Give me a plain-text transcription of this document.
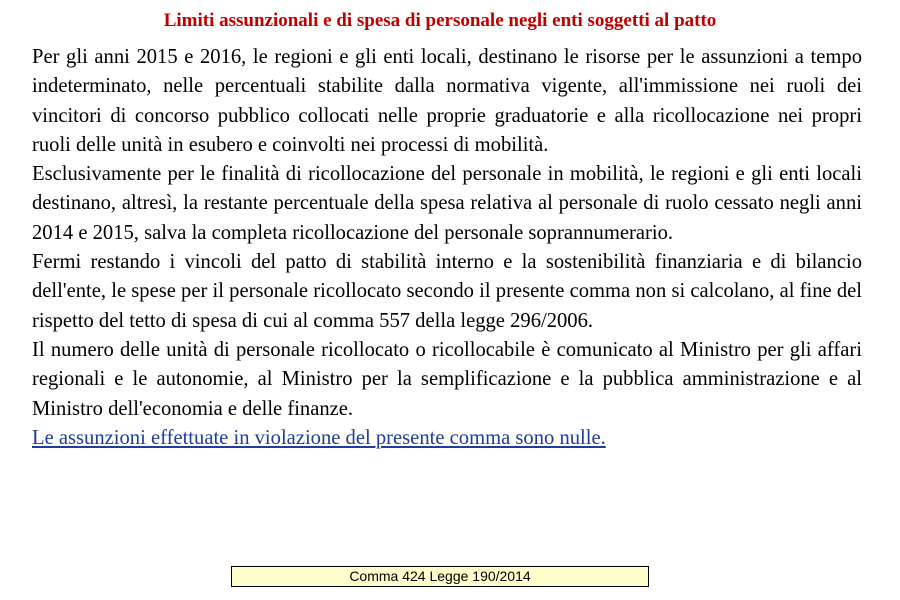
Limiti assunzionali e di spesa di personale negli enti soggetti al patto

Per gli anni 2015 e 2016, le regioni e gli enti locali, destinano le risorse per le assunzioni a tempo indeterminato, nelle percentuali stabilite dalla normativa vigente, all'immissione nei ruoli dei vincitori di concorso pubblico collocati nelle proprie graduatorie e alla ricollocazione nei propri ruoli delle unità in esubero e coinvolti nei processi di mobilità.

Esclusivamente per le finalità di ricollocazione del personale in mobilità, le regioni e gli enti locali destinano, altresì, la restante percentuale della spesa relativa al personale di ruolo cessato negli anni 2014 e 2015, salva la completa ricollocazione del personale soprannumerario.

Fermi restando i vincoli del patto di stabilità interno e la sostenibilità finanziaria e di bilancio dell'ente, le spese per il personale ricollocato secondo il presente comma non si calcolano, al fine del rispetto del tetto di spesa di cui al comma 557 della legge 296/2006.

Il numero delle unità di personale ricollocato o ricollocabile è comunicato al Ministro per gli affari regionali e le autonomie, al Ministro per la semplificazione e la pubblica amministrazione e al Ministro dell'economia e delle finanze.

Le assunzioni effettuate in violazione del presente comma sono nulle.

Comma 424 Legge 190/2014
